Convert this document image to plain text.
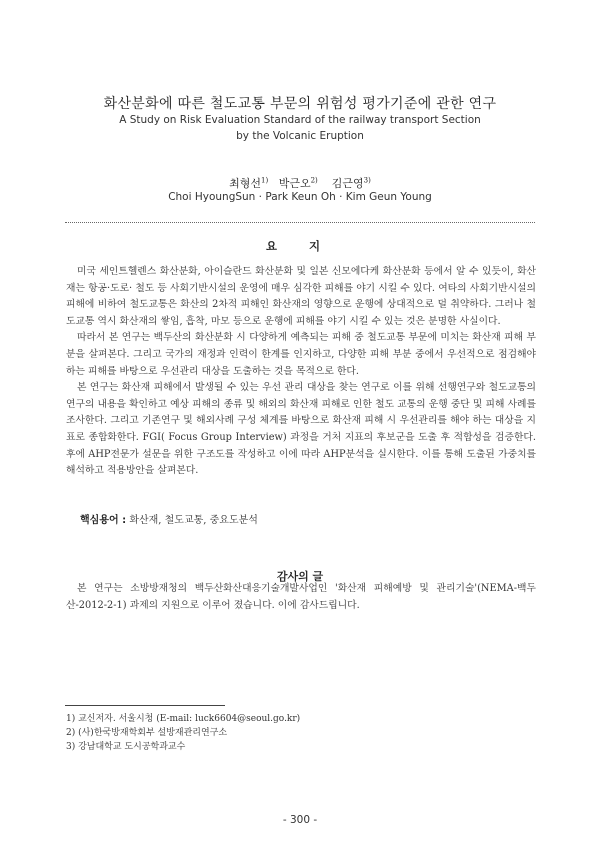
화산분화에 따른 철도교통 부문의 위험성 평가기준에 관한 연구
A Study on Risk Evaluation Standard of the railway transport Section
by the Volcanic Eruption
최형선$^{1)}$ 박근오$^{2)}$ 김근영$^{3)}$
Choi HyoungSun · Park Keun Oh · Kim Geun Young
요 지

미국 세인트헬렌스 화산분화, 아이슬란드 화산분화 및 일본 신모에다케 화산분화 등에서 알 수 있듯이, 화산재는 항공·도로· 철도 등 사회기반시설의 운영에 매우 심각한 피해를 야기 시킬 수 있다. 여타의 사회기반시설의 피해에 비하여 철도교통은 화산의 2차적 피해인 화산재의 영향으로 운행에 상대적으로 덜 취약하다. 그러나 철도교통 역시 화산재의 쌓임, 흡착, 마모 등으로 운행에 피해를 야기 시킬 수 있는 것은 분명한 사실이다.

따라서 본 연구는 백두산의 화산분화 시 다양하게 예측되는 피해 중 철도교통 부문에 미치는 화산재 피해 부분을 살펴본다. 그리고 국가의 재정과 인력이 한계를 인지하고, 다양한 피해 부분 중에서 우선적으로 점검해야하는 피해를 바탕으로 우선관리 대상을 도출하는 것을 목적으로 한다.

본 연구는 화산재 피해에서 발생될 수 있는 우선 관리 대상을 찾는 연구로 이를 위해 선행연구와 철도교통의 연구의 내용을 확인하고 예상 피해의 종류 및 해외의 화산재 피해로 인한 철도 교통의 운행 중단 및 피해 사례를 조사한다. 그리고 기존연구 및 해외사례 구성 체계를 바탕으로 화산재 피해 시 우선관리를 해야 하는 대상을 지표로 종합화한다. FGI( Focus Group Interview) 과정을 거처 지표의 후보군을 도출 후 적합성을 검증한다. 후에 AHP전문가 설문을 위한 구조도를 작성하고 이에 따라 AHP분석을 실시한다. 이를 통해 도출된 가중치를 해석하고 적용방안을 살펴본다.

핵심용어 : 화산재, 철도교통, 중요도분석
감사의 글

본 연구는 소방방재청의 백두산화산대응기술개발사업인 '화산재 피해예방 및 관리기술'(NEMA-백두산-2012-2-1) 과제의 지원으로 이루어 졌습니다. 이에 감사드립니다.

1) 교신저자. 서울시청 (E-mail: luck6604@seoul.go.kr)
2) (사)한국방재학회부 설방재관리연구소
3) 강남대학교 도시공학과교수
- 300 -
